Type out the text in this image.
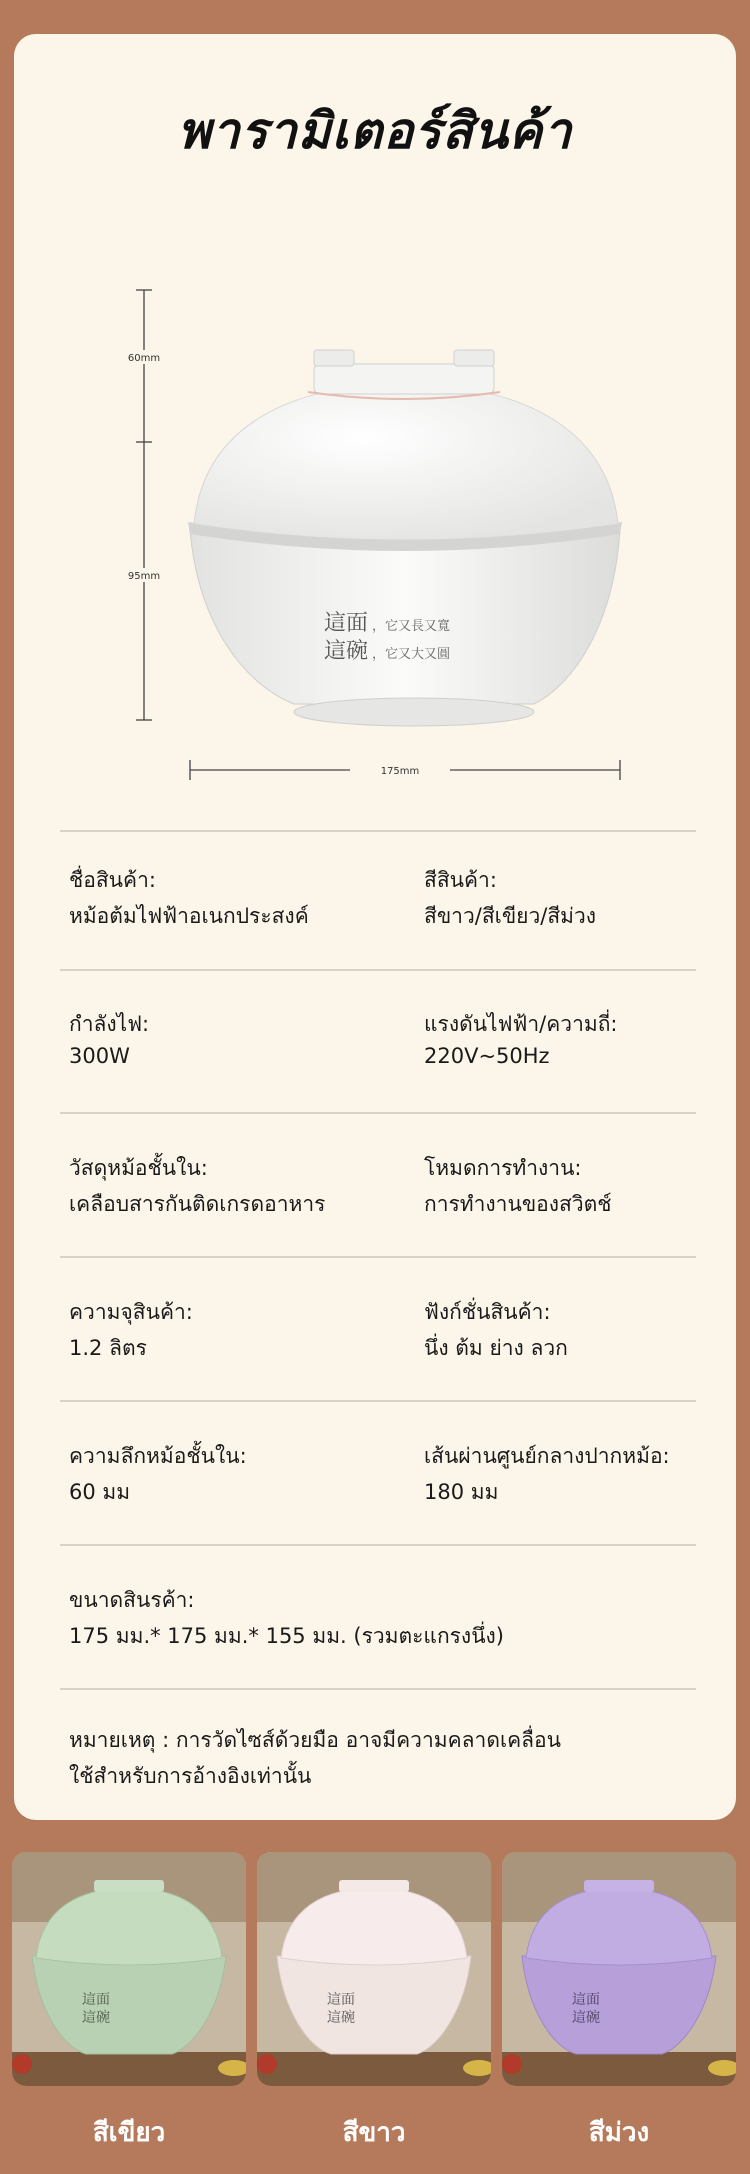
พารามิเตอร์สินค้า
60mm
95mm
175mm
這面 ，它又長又寬
這碗 ，它又大又圓
ชื่อสินค้า:
หม้อต้มไฟฟ้าอเนกประสงค์
สีสินค้า:
สีขาว/สีเขียว/สีม่วง
กำลังไฟ:
300W
แรงดันไฟฟ้า/ความถี่:
220V~50Hz
วัสดุหม้อชั้นใน:
เคลือบสารกันติดเกรดอาหาร
โหมดการทำงาน:
การทำงานของสวิตช์
ความจุสินค้า:
1.2 ลิตร
ฟังก์ชั่นสินค้า:
นึ่ง ต้ม ย่าง ลวก
ความลึกหม้อชั้นใน:
60 มม
เส้นผ่านศูนย์กลางปากหม้อ:
180 มม
ขนาดสินรค้า:
175 มม.* 175 มม.* 155 มม. (รวมตะแกรงนึ่ง)
หมายเหตุ : การวัดไซส์ด้วยมือ อาจมีความคลาดเคลื่อน
ใช้สำหรับการอ้างอิงเท่านั้น
這面
這碗
這面
這碗
這面
這碗
สีเขียว	สีขาว	สีม่วง
